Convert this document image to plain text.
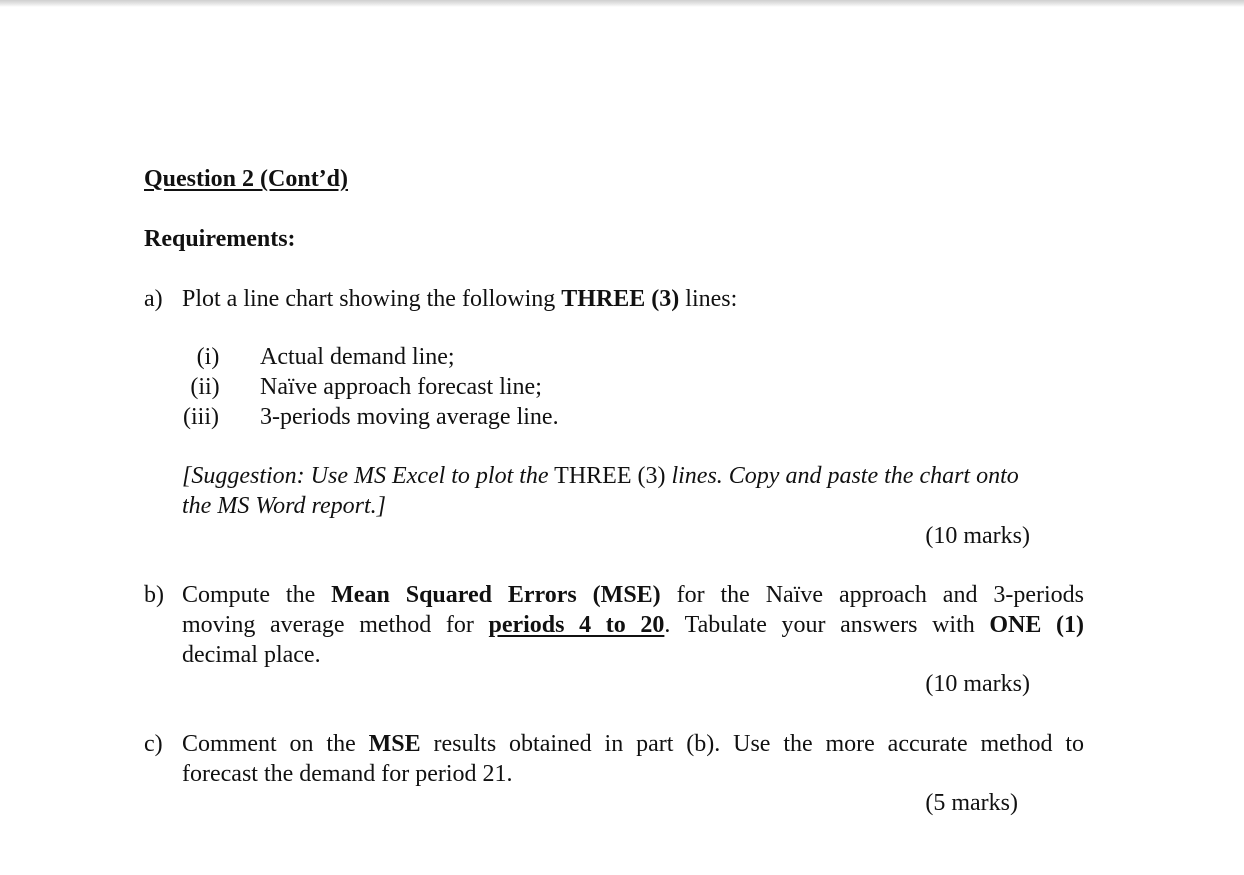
Question 2 (Cont’d)
Requirements:
a) Plot a line chart showing the following THREE (3) lines:
(i)	Actual demand line;
(ii)	Naïve approach forecast line;
(iii)	3-periods moving average line.
[Suggestion: Use MS Excel to plot the THREE (3) lines. Copy and paste the chart onto
the MS Word report.]
(10 marks)
b) Compute the Mean Squared Errors (MSE) for the Naïve approach and 3-periods
moving average method for periods 4 to 20. Tabulate your answers with ONE (1)
decimal place.
(10 marks)
c) Comment on the MSE results obtained in part (b). Use the more accurate method to
forecast the demand for period 21.
(5 marks)
